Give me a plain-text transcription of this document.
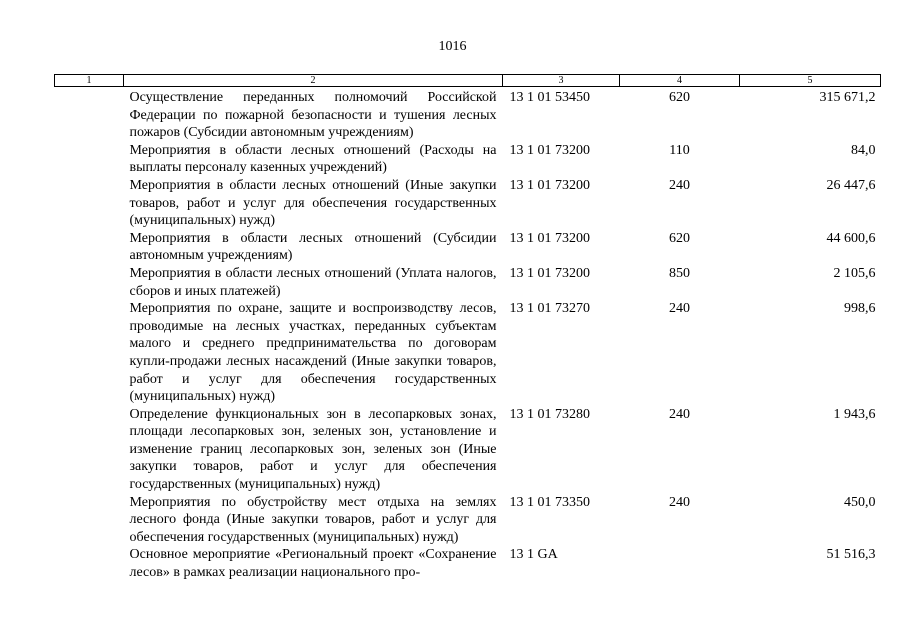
1016
1	2	3	4	5
	Осуществление переданных полномочий Российской Федерации по пожарной безопасности и тушения лесных пожаров (Субсидии автономным учреждениям)	13 1 01 53450	620	315 671,2
	Мероприятия в области лесных отношений (Расходы на выплаты персоналу казенных учреждений)	13 1 01 73200	110	84,0
	Мероприятия в области лесных отношений (Иные закупки товаров, работ и услуг для обеспечения государственных (муниципальных) нужд)	13 1 01 73200	240	26 447,6
	Мероприятия в области лесных отношений (Субсидии автономным учреждениям)	13 1 01 73200	620	44 600,6
	Мероприятия в области лесных отношений (Уплата налогов, сборов и иных платежей)	13 1 01 73200	850	2 105,6
	Мероприятия по охране, защите и воспроизводству лесов, проводимые на лесных участках, переданных субъектам малого и среднего предпринимательства по договорам купли-продажи лесных насаждений (Иные закупки товаров, работ и услуг для обеспечения государственных (муниципальных) нужд)	13 1 01 73270	240	998,6
	Определение функциональных зон в лесопарковых зонах, площади лесопарковых зон, зеленых зон, установление и изменение границ лесопарковых зон, зеленых зон (Иные закупки товаров, работ и услуг для обеспечения государственных (муниципальных) нужд)	13 1 01 73280	240	1 943,6
	Мероприятия по обустройству мест отдыха на землях лесного фонда (Иные закупки товаров, работ и услуг для обеспечения государственных (муниципальных) нужд)	13 1 01 73350	240	450,0
	Основное мероприятие «Региональный проект «Сохранение лесов» в рамках реализации национального про-	13 1 GA		51 516,3
